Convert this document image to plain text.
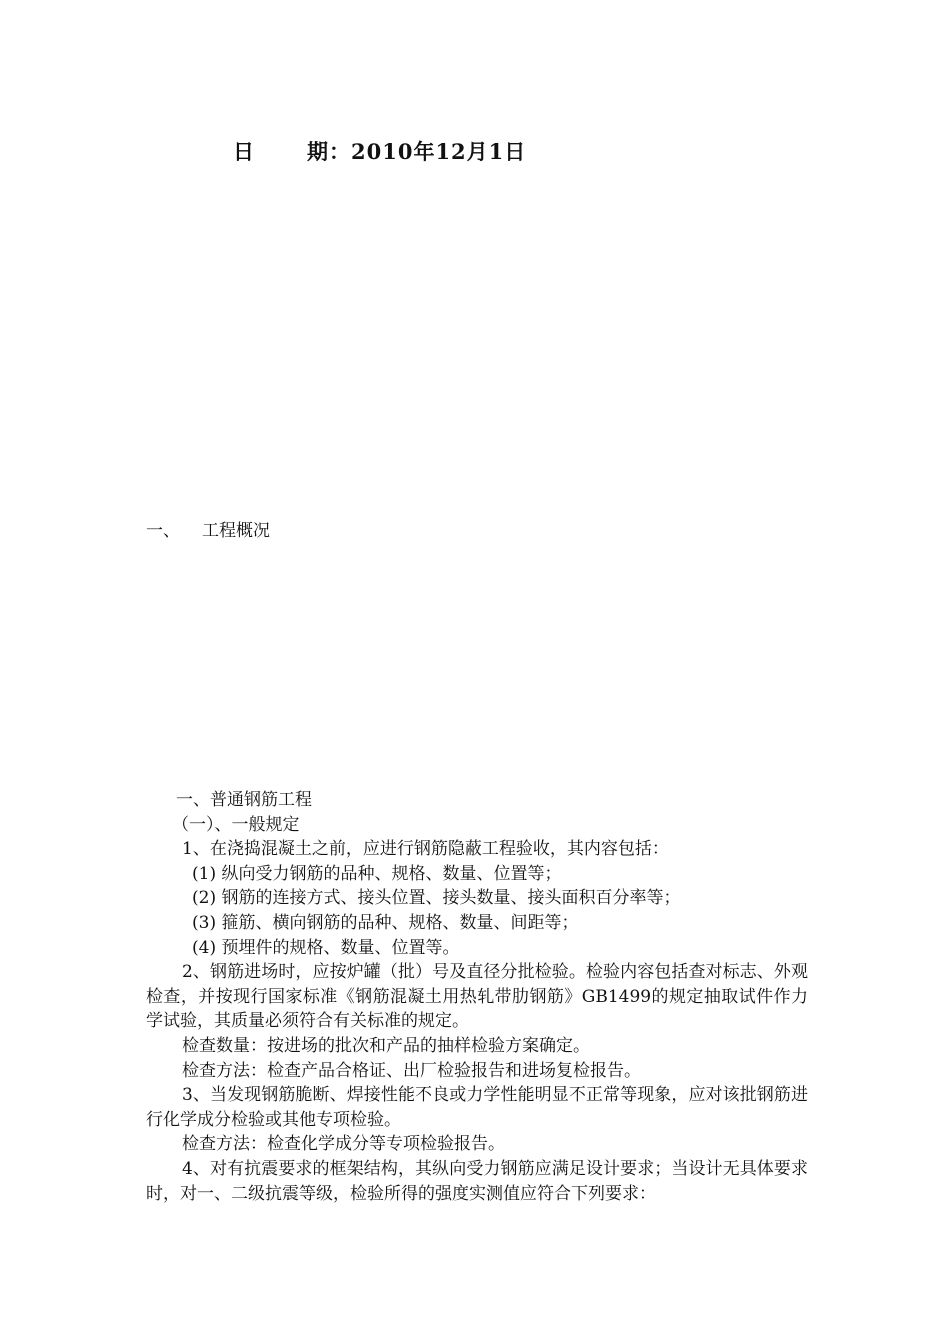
日 期：2010年12月1日
一、 工程概况

一、普通钢筋工程

（一）、一般规定

1、在浇捣混凝土之前，应进行钢筋隐蔽工程验收，其内容包括：

(1) 纵向受力钢筋的品种、规格、数量、位置等；

(2) 钢筋的连接方式、接头位置、接头数量、接头面积百分率等；

(3) 箍筋、横向钢筋的品种、规格、数量、间距等；

(4) 预埋件的规格、数量、位置等。

2、钢筋进场时，应按炉罐（批）号及直径分批检验。检验内容包括查对标志、外观检查，并按现行国家标准《钢筋混凝土用热轧带肋钢筋》GB1499的规定抽取试件作力学试验，其质量必须符合有关标准的规定。

检查数量：按进场的批次和产品的抽样检验方案确定。

检查方法：检查产品合格证、出厂检验报告和进场复检报告。

3、当发现钢筋脆断、焊接性能不良或力学性能明显不正常等现象，应对该批钢筋进行化学成分检验或其他专项检验。

检查方法：检查化学成分等专项检验报告。

4、对有抗震要求的框架结构，其纵向受力钢筋应满足设计要求；当设计无具体要求时，对一、二级抗震等级，检验所得的强度实测值应符合下列要求：
